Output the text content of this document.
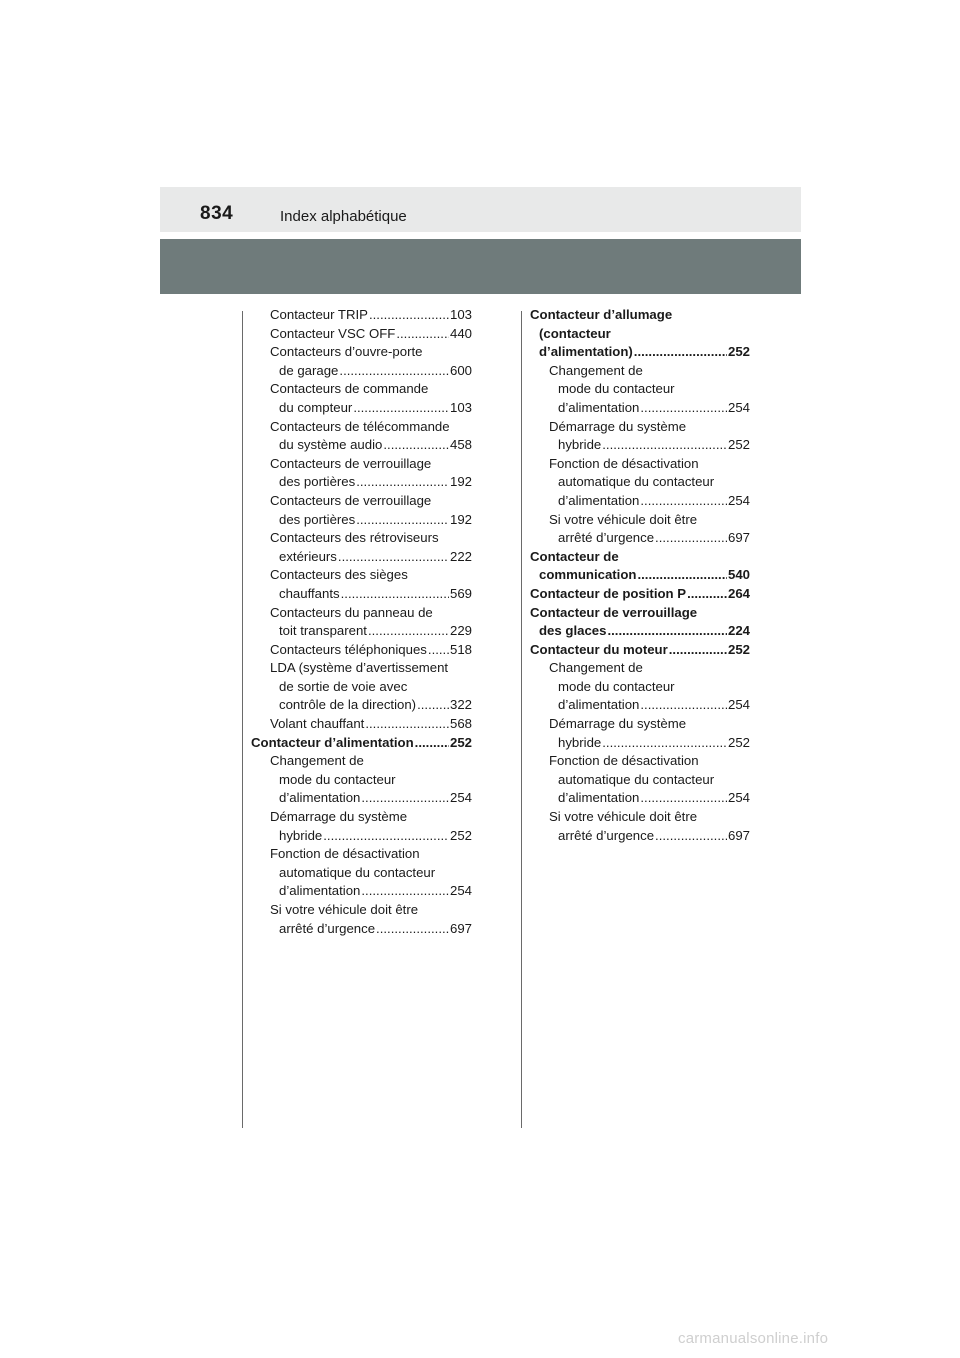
834	Index alphabétique
Contacteur TRIP .....	103
Contacteur VSC OFF .....	440
Contacteurs d’ouvre-porte
de garage .....	600
Contacteurs de commande
du compteur .....	103
Contacteurs de télécommande
du système audio .....	458
Contacteurs de verrouillage
des portières .....	192
Contacteurs de verrouillage
des portières .....	192
Contacteurs des rétroviseurs
extérieurs .....	222
Contacteurs des sièges
chauffants .....	569
Contacteurs du panneau de
toit transparent .....	229
Contacteurs téléphoniques ..... 518
LDA (système d’avertissement
de sortie de voie avec
contrôle de la direction) .....	322
Volant chauffant .....	568
Contacteur d’alimentation .....	252
Changement de
mode du contacteur
d’alimentation .....	254
Démarrage du système
hybride .....	252
Fonction de désactivation
automatique du contacteur
d’alimentation .....	254
Si votre véhicule doit être
arrêté d’urgence .....	697
Contacteur d’allumage
(contacteur
d’alimentation) .....	252
Changement de
mode du contacteur
d’alimentation .....	254
Démarrage du système
hybride .....	252
Fonction de désactivation
automatique du contacteur
d’alimentation .....	254
Si votre véhicule doit être
arrêté d’urgence .....	697
Contacteur de
communication .....	540
Contacteur de position P .....	264
Contacteur de verrouillage
des glaces .....	224
Contacteur du moteur .....	252
Changement de
mode du contacteur
d’alimentation .....	254
Démarrage du système
hybride .....	252
Fonction de désactivation
automatique du contacteur
d’alimentation .....	254
Si votre véhicule doit être
arrêté d’urgence .....	697
carmanualsonline.info
